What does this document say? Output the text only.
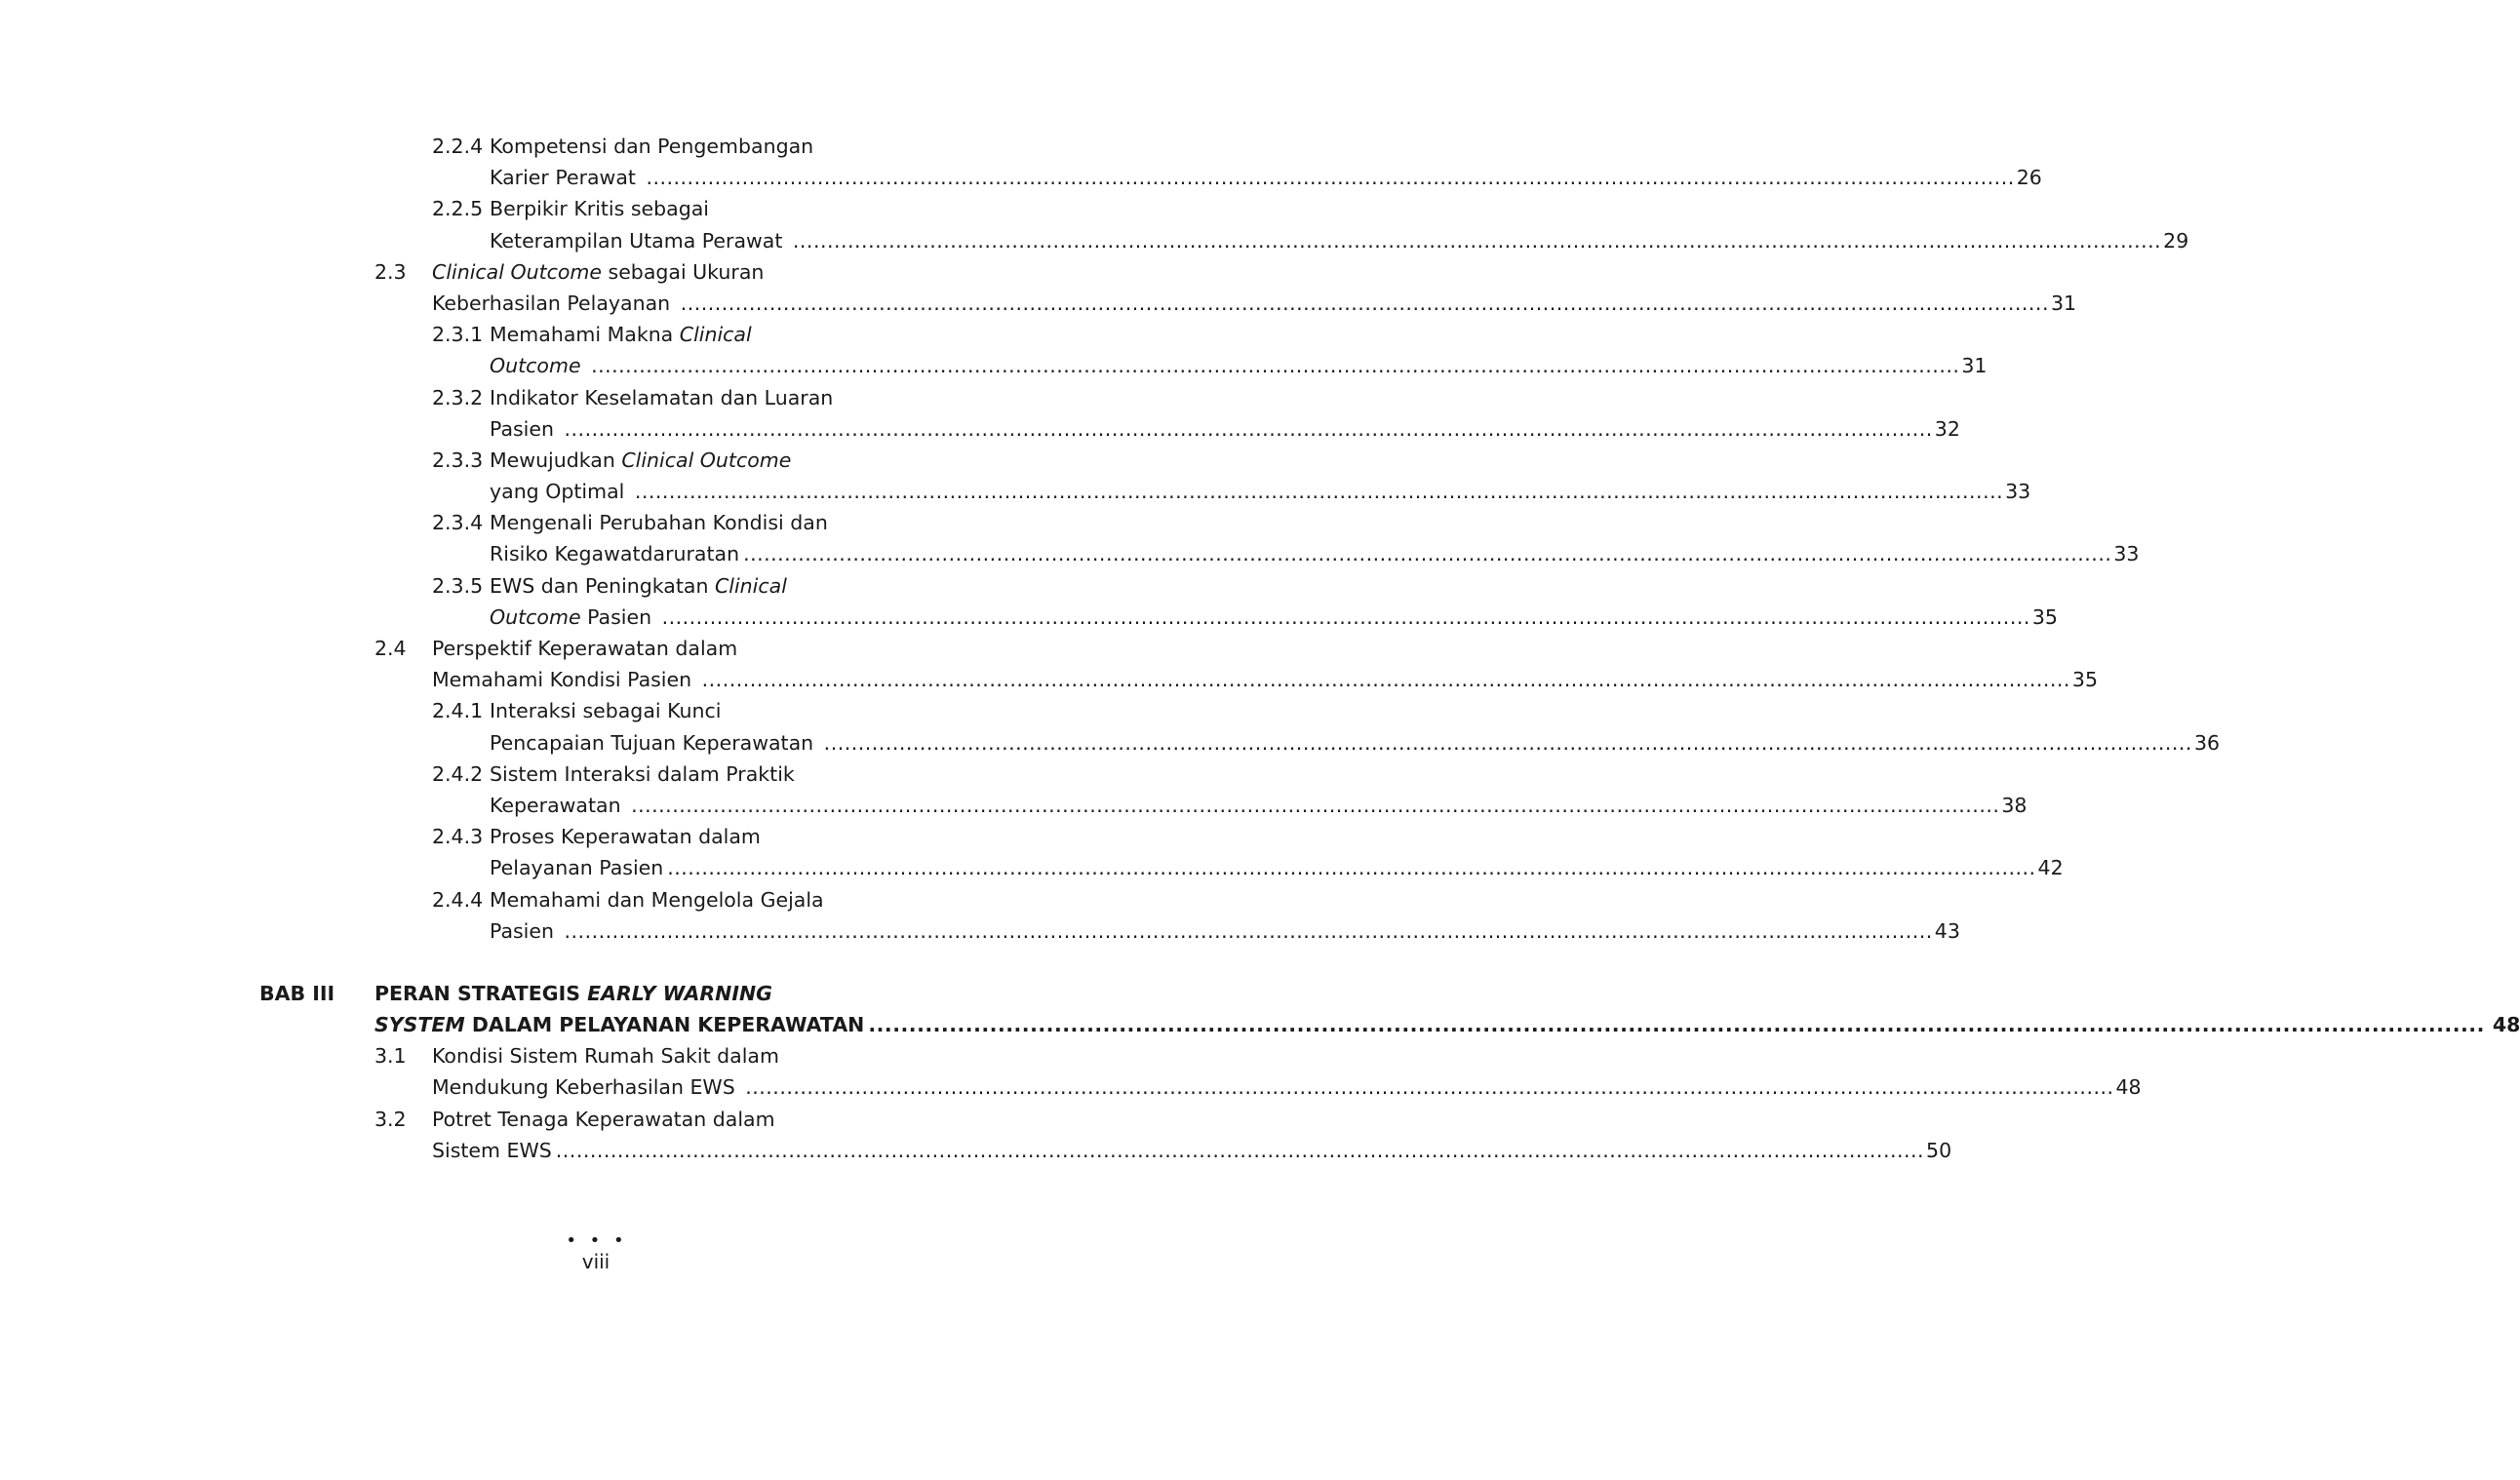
2.2.4 Kompetensi dan Pengembangan
Karier Perawat ........................................................................................................................................................................................................ 26
2.2.5 Berpikir Kritis sebagai
Keterampilan Utama Perawat ........................................................................................................................................................................................................ 29
2.3 Clinical Outcome sebagai Ukuran
Keberhasilan Pelayanan ........................................................................................................................................................................................................ 31
2.3.1 Memahami Makna Clinical
Outcome ........................................................................................................................................................................................................ 31
2.3.2 Indikator Keselamatan dan Luaran
Pasien ........................................................................................................................................................................................................ 32
2.3.3 Mewujudkan Clinical Outcome
yang Optimal ........................................................................................................................................................................................................ 33
2.3.4 Mengenali Perubahan Kondisi dan
Risiko Kegawatdaruratan ........................................................................................................................................................................................................ 33
2.3.5 EWS dan Peningkatan Clinical
Outcome Pasien ........................................................................................................................................................................................................ 35
2.4 Perspektif Keperawatan dalam
Memahami Kondisi Pasien ........................................................................................................................................................................................................ 35
2.4.1 Interaksi sebagai Kunci
Pencapaian Tujuan Keperawatan ........................................................................................................................................................................................................ 36
2.4.2 Sistem Interaksi dalam Praktik
Keperawatan ........................................................................................................................................................................................................ 38
2.4.3 Proses Keperawatan dalam
Pelayanan Pasien ........................................................................................................................................................................................................ 42
2.4.4 Memahami dan Mengelola Gejala
Pasien ........................................................................................................................................................................................................ 43
BAB III PERAN STRATEGIS EARLY WARNING
SYSTEM DALAM PELAYANAN KEPERAWATAN ........................................................................................................................................................................................................ 48
3.1 Kondisi Sistem Rumah Sakit dalam
Mendukung Keberhasilan EWS ........................................................................................................................................................................................................ 48
3.2 Potret Tenaga Keperawatan dalam
Sistem EWS ........................................................................................................................................................................................................ 50
• • •
viii
